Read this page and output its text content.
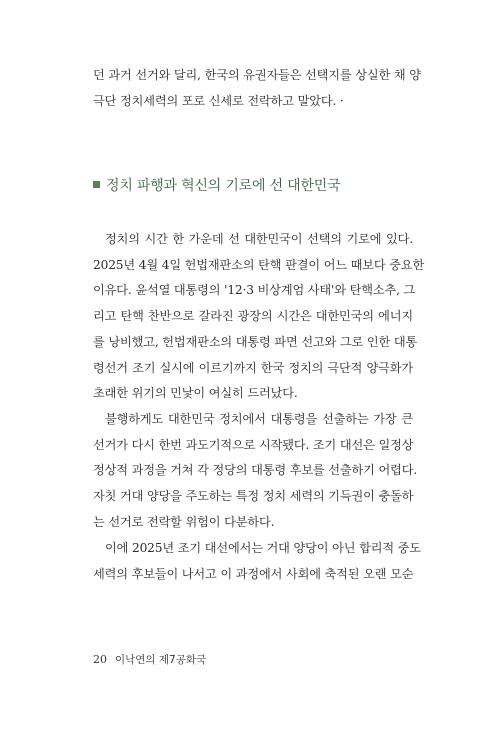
던 과거 선거와 달리, 한국의 유권자들은 선택지를 상실한 채 양
극단 정치세력의 포로 신세로 전락하고 말았다. ·

정치 파행과 혁신의 기로에 선 대한민국

정치의 시간 한 가운데 선 대한민국이 선택의 기로에 있다.
2025년 4월 4일 헌법재판소의 탄핵 판결이 어느 때보다 중요한
이유다. 윤석열 대통령의 '12·3 비상계엄 사태'와 탄핵소추, 그
리고 탄핵 찬반으로 갈라진 광장의 시간은 대한민국의 에너지
를 낭비했고, 헌법재판소의 대통령 파면 선고와 그로 인한 대통
령선거 조기 실시에 이르기까지 한국 정치의 극단적 양극화가
초래한 위기의 민낯이 여실히 드러났다.

불행하게도 대한민국 정치에서 대통령을 선출하는 가장 큰
선거가 다시 한번 과도기적으로 시작됐다. 조기 대선은 일정상
정상적 과정을 거쳐 각 정당의 대통령 후보를 선출하기 어렵다.
자칫 거대 양당을 주도하는 특정 정치 세력의 기득권이 충돌하
는 선거로 전락할 위험이 다분하다.

이에 2025년 조기 대선에서는 거대 양당이 아닌 합리적 중도
세력의 후보들이 나서고 이 과정에서 사회에 축적된 오랜 모순

20 이낙연의 제7공화국
